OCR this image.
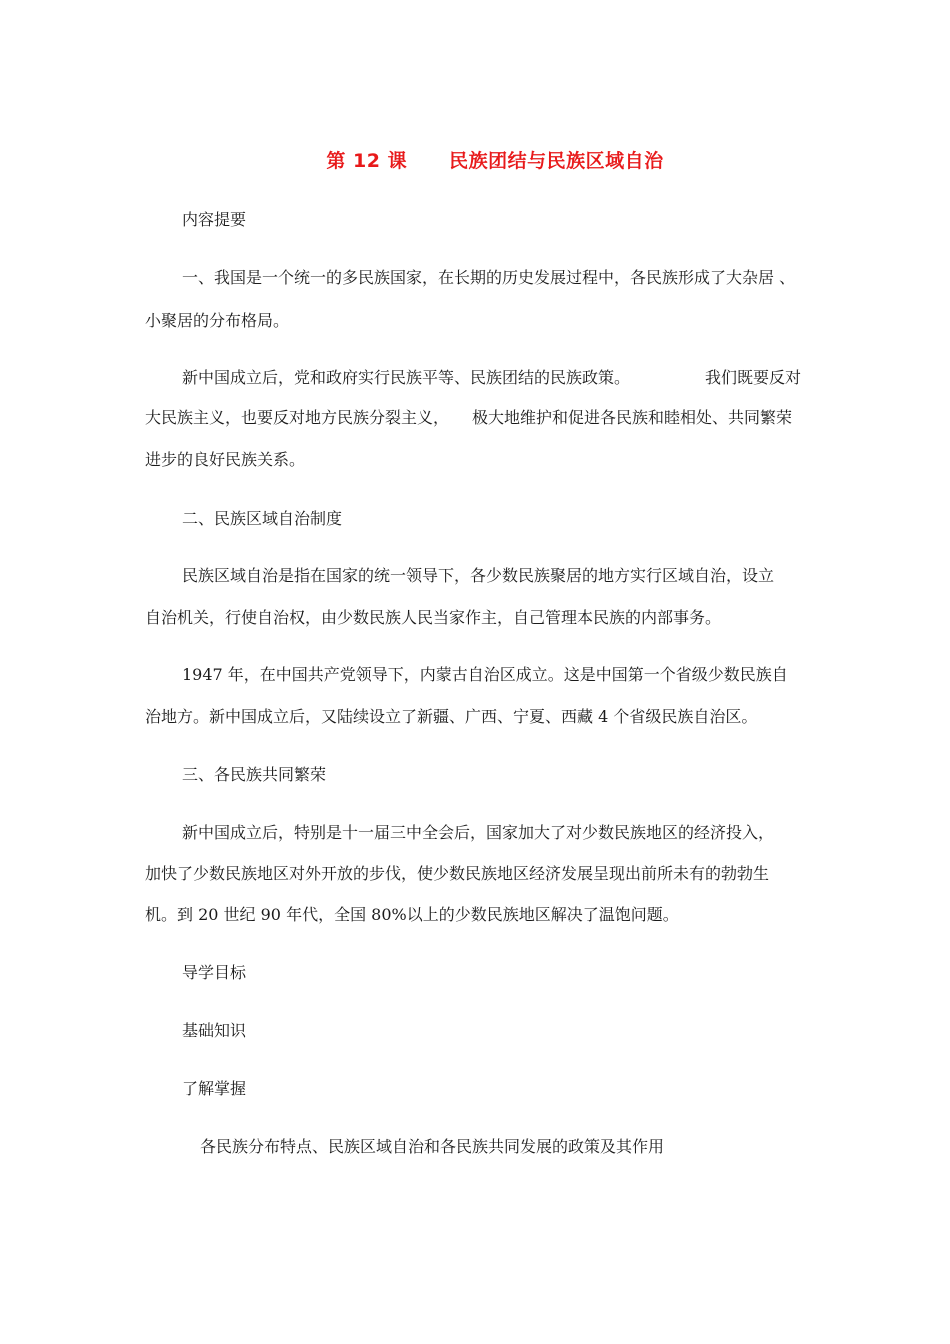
第 12 课 民族团结与民族区域自治
内容提要
一、我国是一个统一的多民族国家，在长期的历史发展过程中，各民族形成了大杂居 、
小聚居的分布格局。
新中国成立后，党和政府实行民族平等、民族团结的民族政策。	我们既要反对
大民族主义，也要反对地方民族分裂主义， 极大地维护和促进各民族和睦相处、共同繁荣
进步的良好民族关系。
二、民族区域自治制度
民族区域自治是指在国家的统一领导下，各少数民族聚居的地方实行区域自治，设立
自治机关，行使自治权，由少数民族人民当家作主，自己管理本民族的内部事务。
1947 年，在中国共产党领导下，内蒙古自治区成立。这是中国第一个省级少数民族自
治地方。新中国成立后，又陆续设立了新疆、广西、宁夏、西藏 4 个省级民族自治区。
三、各民族共同繁荣
新中国成立后，特别是十一届三中全会后，国家加大了对少数民族地区的经济投入，
加快了少数民族地区对外开放的步伐，使少数民族地区经济发展呈现出前所未有的勃勃生
机。到 20 世纪 90 年代，全国 80%以上的少数民族地区解决了温饱问题。
导学目标
基础知识
了解掌握
各民族分布特点、民族区域自治和各民族共同发展的政策及其作用
